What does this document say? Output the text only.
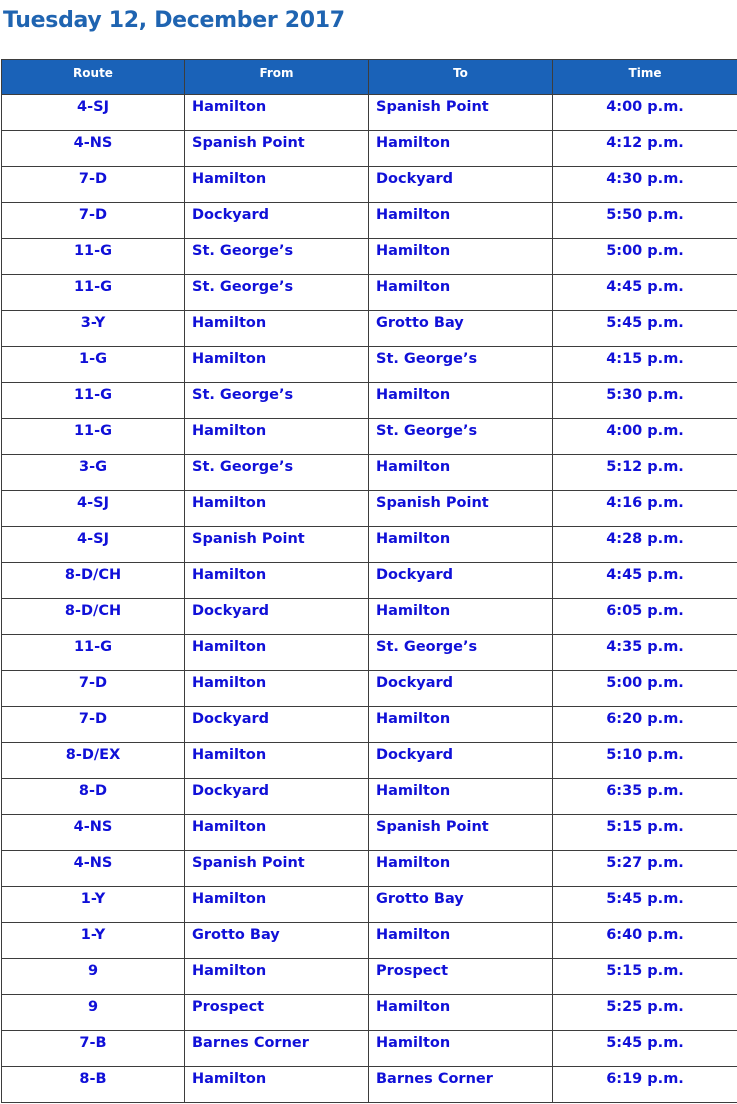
Tuesday 12, December 2017
Route	From	To	Time
4-SJ	Hamilton	Spanish Point	4:00 p.m.
4-NS	Spanish Point	Hamilton	4:12 p.m.
7-D	Hamilton	Dockyard	4:30 p.m.
7-D	Dockyard	Hamilton	5:50 p.m.
11-G	St. George’s	Hamilton	5:00 p.m.
11-G	St. George’s	Hamilton	4:45 p.m.
3-Y	Hamilton	Grotto Bay	5:45 p.m.
1-G	Hamilton	St. George’s	4:15 p.m.
11-G	St. George’s	Hamilton	5:30 p.m.
11-G	Hamilton	St. George’s	4:00 p.m.
3-G	St. George’s	Hamilton	5:12 p.m.
4-SJ	Hamilton	Spanish Point	4:16 p.m.
4-SJ	Spanish Point	Hamilton	4:28 p.m.
8-D/CH	Hamilton	Dockyard	4:45 p.m.
8-D/CH	Dockyard	Hamilton	6:05 p.m.
11-G	Hamilton	St. George’s	4:35 p.m.
7-D	Hamilton	Dockyard	5:00 p.m.
7-D	Dockyard	Hamilton	6:20 p.m.
8-D/EX	Hamilton	Dockyard	5:10 p.m.
8-D	Dockyard	Hamilton	6:35 p.m.
4-NS	Hamilton	Spanish Point	5:15 p.m.
4-NS	Spanish Point	Hamilton	5:27 p.m.
1-Y	Hamilton	Grotto Bay	5:45 p.m.
1-Y	Grotto Bay	Hamilton	6:40 p.m.
9	Hamilton	Prospect	5:15 p.m.
9	Prospect	Hamilton	5:25 p.m.
7-B	Barnes Corner	Hamilton	5:45 p.m.
8-B	Hamilton	Barnes Corner	6:19 p.m.
